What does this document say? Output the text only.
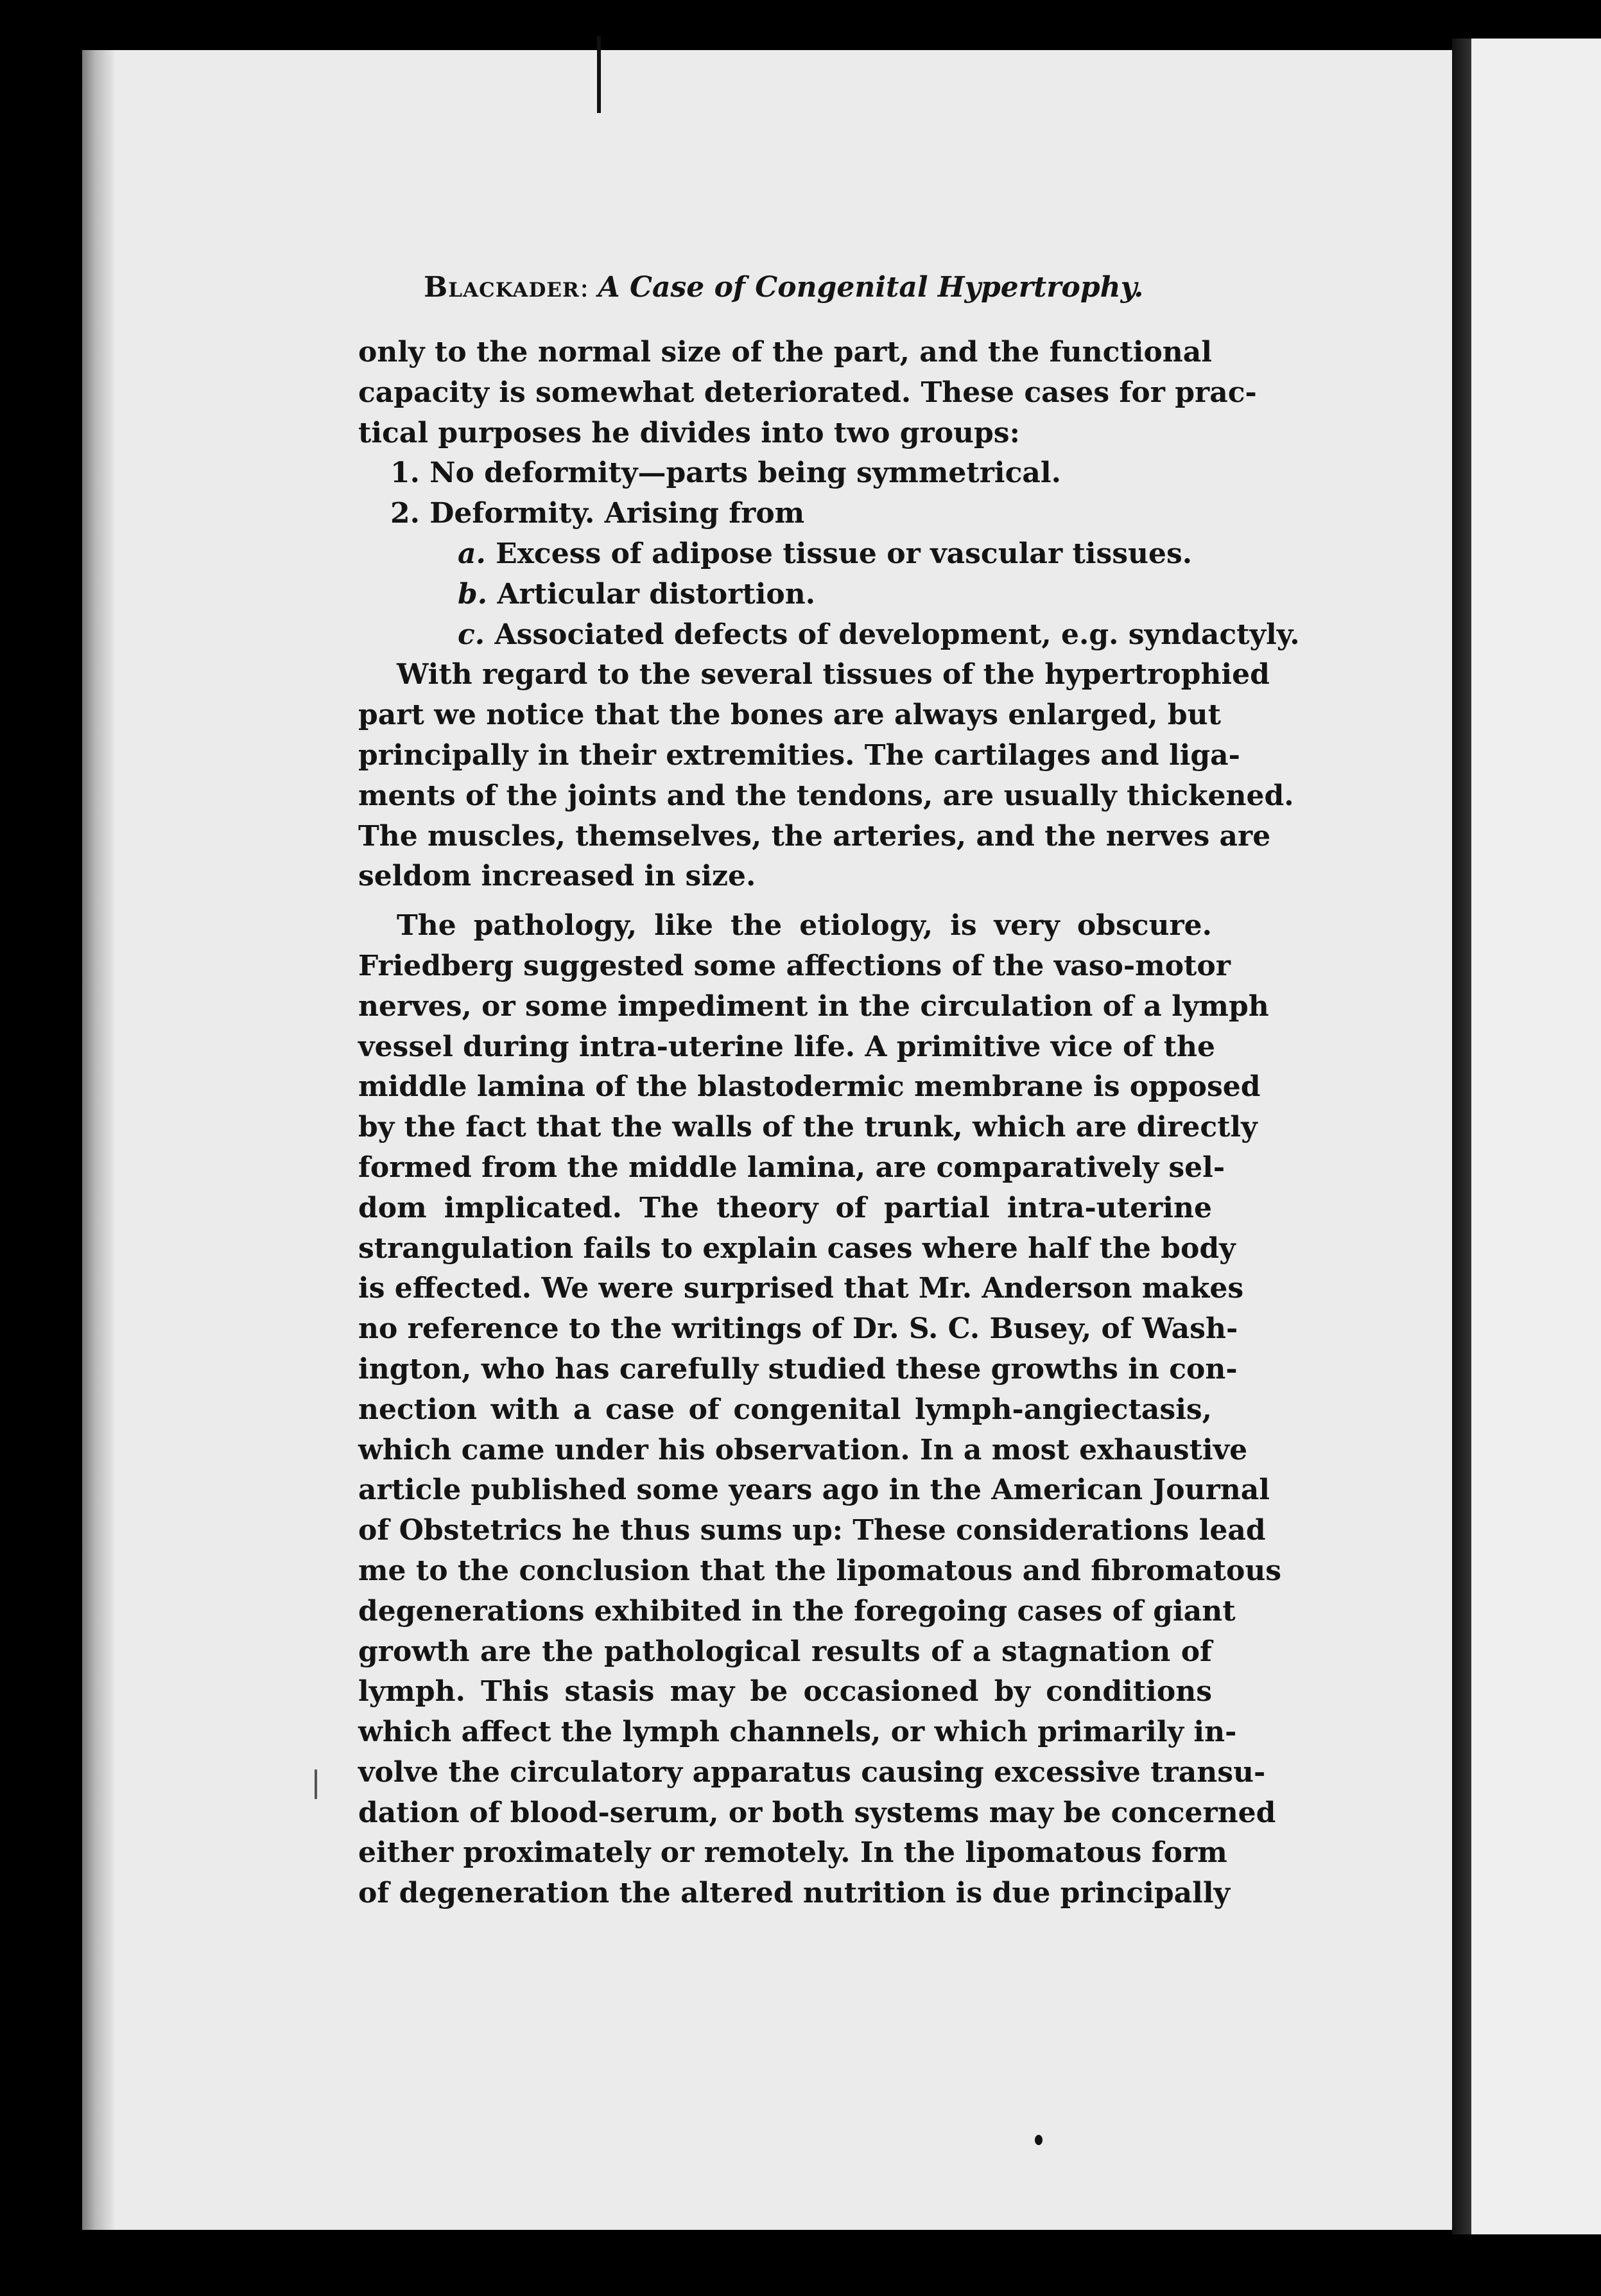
Blackader: A Case of Congenital Hypertrophy.
only to the normal size of the part, and the functional
capacity is somewhat deteriorated. These cases for prac-
tical purposes he divides into two groups:
1. No deformity—parts being symmetrical.
2. Deformity. Arising from
a. Excess of adipose tissue or vascular tissues.
b. Articular distortion.
c. Associated defects of development, e.g. syndactyly.
With regard to the several tissues of the hypertrophied
part we notice that the bones are always enlarged, but
principally in their extremities. The cartilages and liga-
ments of the joints and the tendons, are usually thickened.
The muscles, themselves, the arteries, and the nerves are
seldom increased in size.
The pathology, like the etiology, is very obscure.
Friedberg suggested some affections of the vaso-motor
nerves, or some impediment in the circulation of a lymph
vessel during intra-uterine life. A primitive vice of the
middle lamina of the blastodermic membrane is opposed
by the fact that the walls of the trunk, which are directly
formed from the middle lamina, are comparatively sel-
dom implicated. The theory of partial intra-uterine
strangulation fails to explain cases where half the body
is effected. We were surprised that Mr. Anderson makes
no reference to the writings of Dr. S. C. Busey, of Wash-
ington, who has carefully studied these growths in con-
nection with a case of congenital lymph-angiectasis,
which came under his observation. In a most exhaustive
article published some years ago in the American Journal
of Obstetrics he thus sums up: These considerations lead
me to the conclusion that the lipomatous and fibromatous
degenerations exhibited in the foregoing cases of giant
growth are the pathological results of a stagnation of
lymph. This stasis may be occasioned by conditions
which affect the lymph channels, or which primarily in-
volve the circulatory apparatus causing excessive transu-
dation of blood-serum, or both systems may be concerned
either proximately or remotely. In the lipomatous form
of degeneration the altered nutrition is due principally
